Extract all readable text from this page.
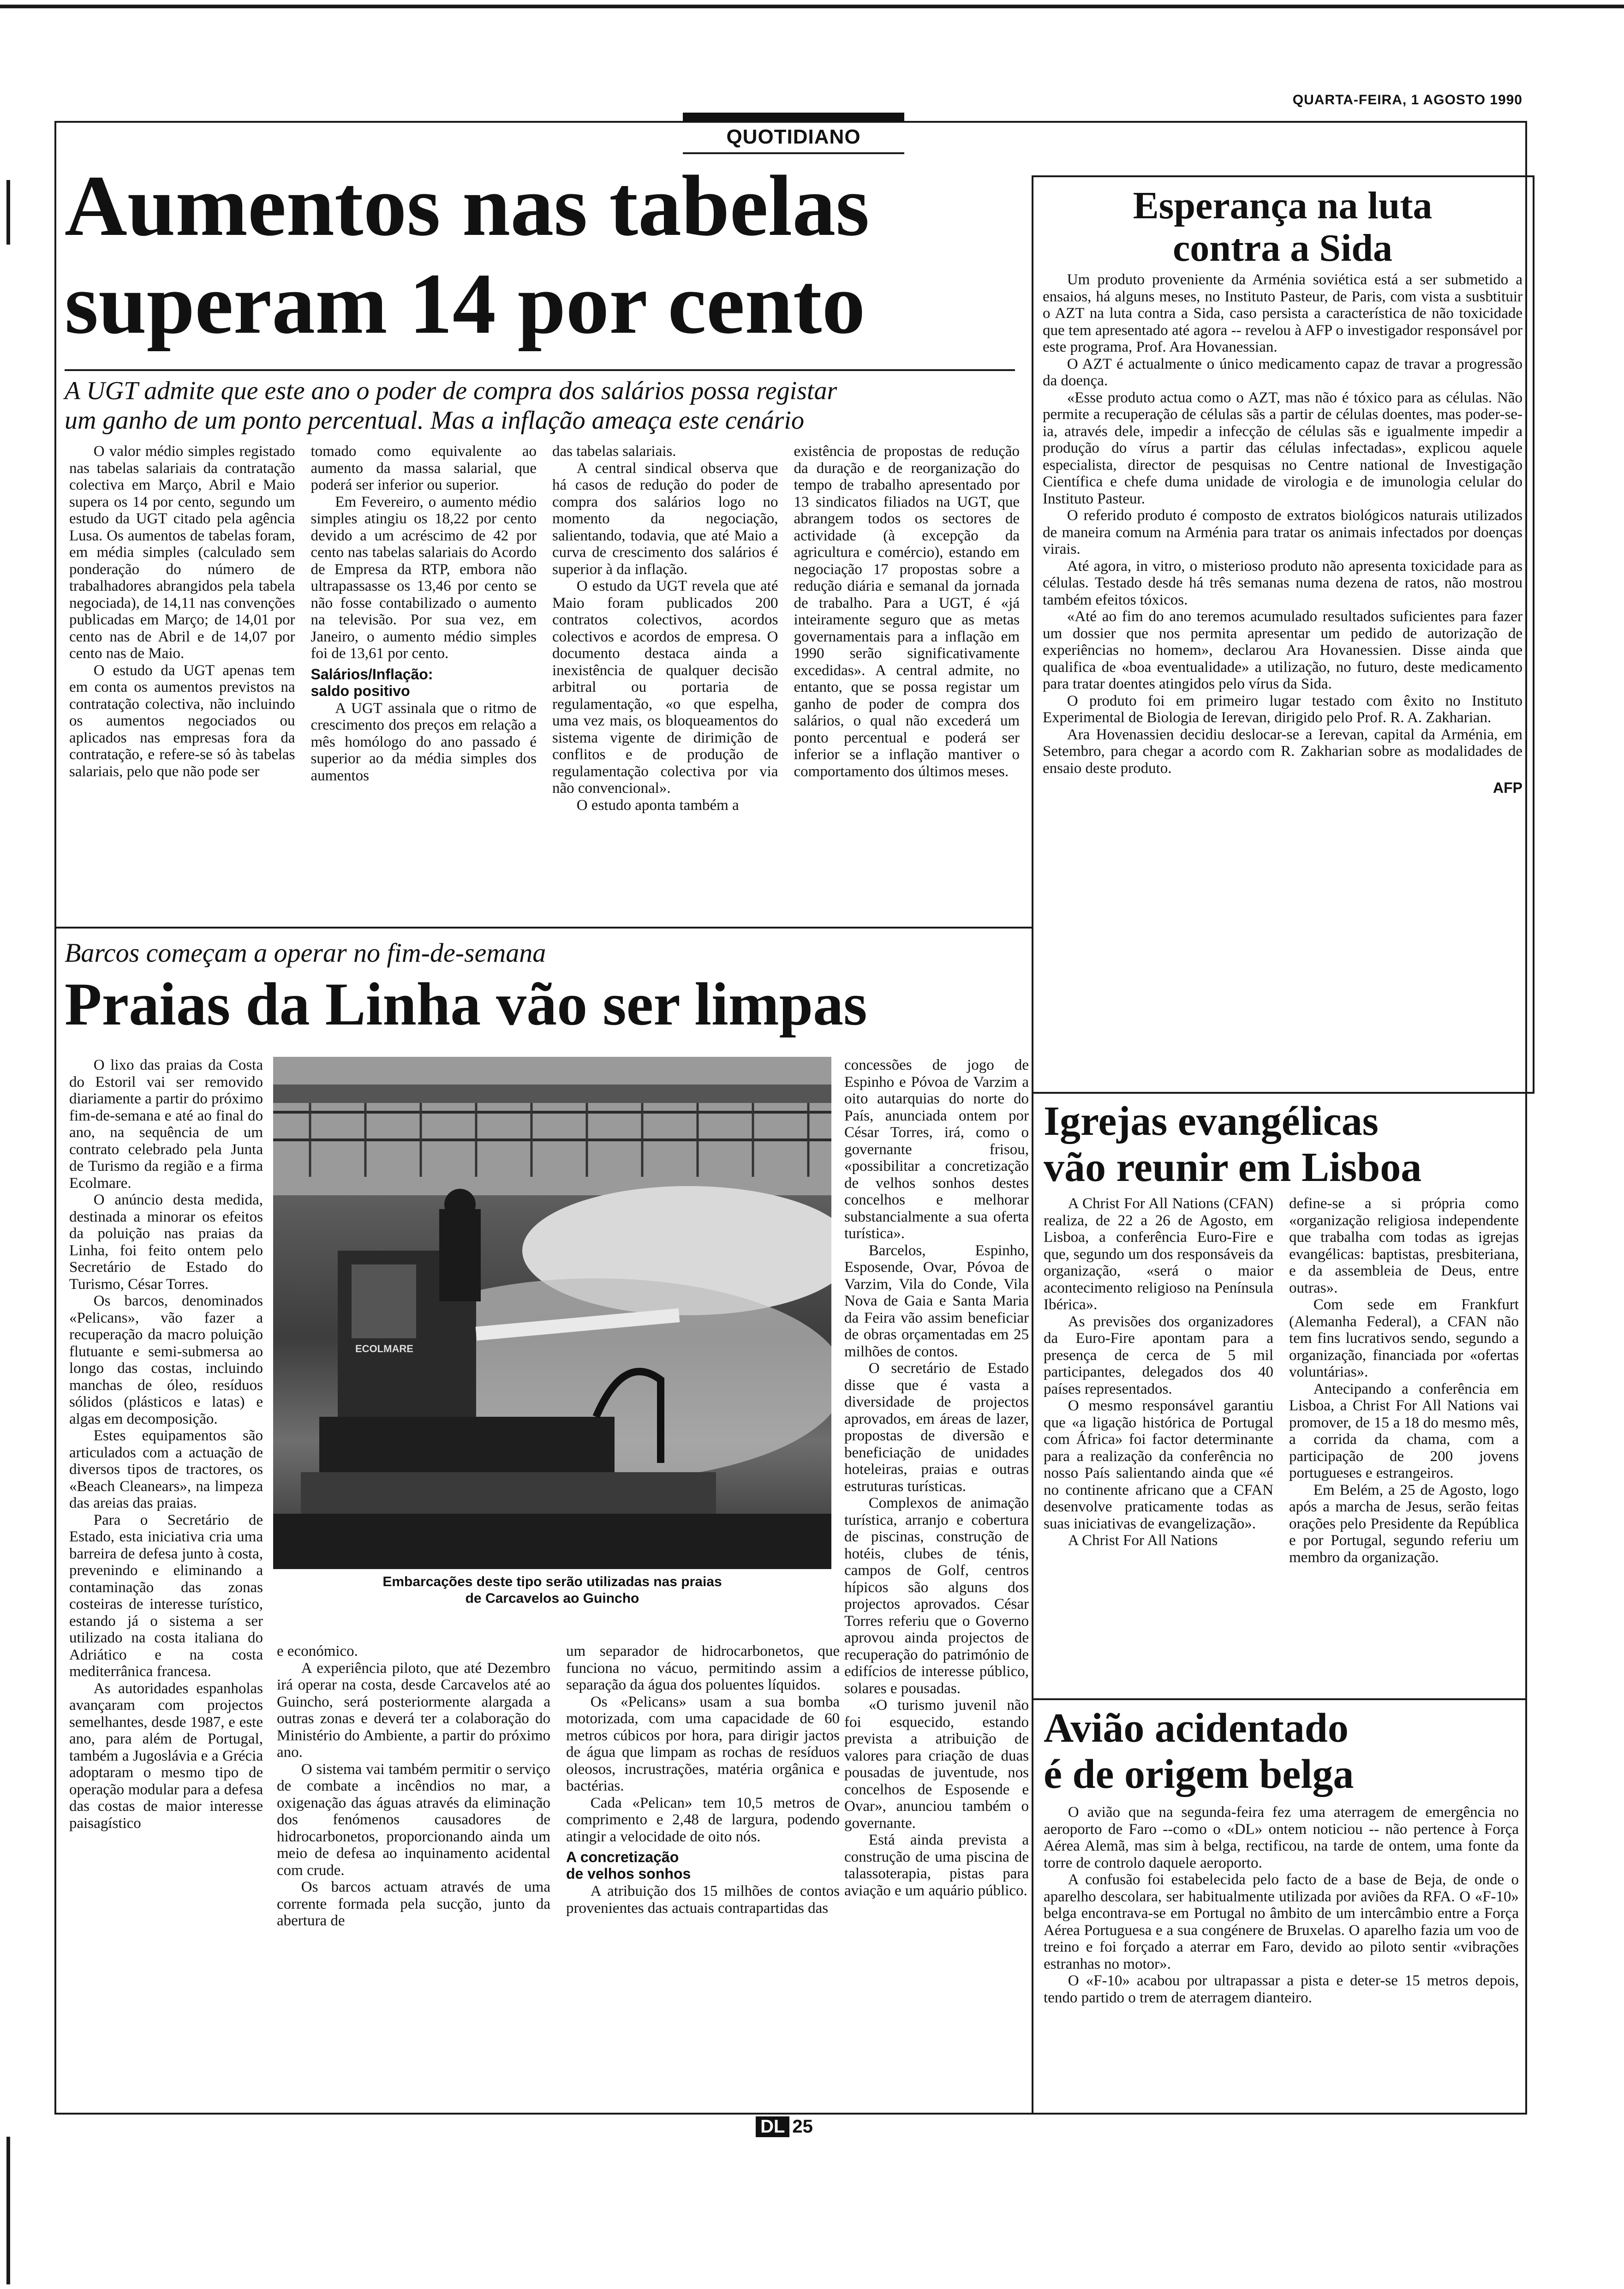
QUARTA-FEIRA, 1 AGOSTO 1990
QUOTIDIANO
Aumentos nas tabelas
superam 14 por cento
A UGT admite que este ano o poder de compra dos salários possa registar
um ganho de um ponto percentual. Mas a inflação ameaça este cenário

O valor médio simples registado nas tabelas salariais da contratação colectiva em Março, Abril e Maio supera os 14 por cento, segundo um estudo da UGT citado pela agência Lusa. Os aumentos de tabelas foram, em média simples (calculado sem ponderação do número de trabalhadores abrangidos pela tabela negociada), de 14,11 nas convenções publicadas em Março; de 14,01 por cento nas de Abril e de 14,07 por cento nas de Maio.

O estudo da UGT apenas tem em conta os aumentos previstos na contratação colectiva, não incluindo os aumentos negociados ou aplicados nas empresas fora da contratação, e refere-se só às tabelas salariais, pelo que não pode ser

tomado como equivalente ao aumento da massa salarial, que poderá ser inferior ou superior.

Em Fevereiro, o aumento médio simples atingiu os 18,22 por cento devido a um acréscimo de 42 por cento nas tabelas salariais do Acordo de Empresa da RTP, embora não ultrapassasse os 13,46 por cento se não fosse contabilizado o aumento na televisão. Por sua vez, em Janeiro, o aumento médio simples foi de 13,61 por cento.

Salários/Inflação:
saldo positivo

A UGT assinala que o ritmo de crescimento dos preços em relação a mês homólogo do ano passado é superior ao da média simples dos aumentos

das tabelas salariais.

A central sindical observa que há casos de redução do poder de compra dos salários logo no momento da negociação, salientando, todavia, que até Maio a curva de crescimento dos salários é superior à da inflação.

O estudo da UGT revela que até Maio foram publicados 200 contratos colectivos, acordos colectivos e acordos de empresa. O documento destaca ainda a inexistência de qualquer decisão arbitral ou portaria de regulamentação, «o que espelha, uma vez mais, os bloqueamentos do sistema vigente de dirimição de conflitos e de produção de regulamentação colectiva por via não convencional».

O estudo aponta também a

existência de propostas de redução da duração e de reorganização do tempo de trabalho apresentado por 13 sindicatos filiados na UGT, que abrangem todos os sectores de actividade (à excepção da agricultura e comércio), estando em negociação 17 propostas sobre a redução diária e semanal da jornada de trabalho. Para a UGT, é «já inteiramente seguro que as metas governamentais para a inflação em 1990 serão significativamente excedidas». A central admite, no entanto, que se possa registar um ganho de poder de compra dos salários, o qual não excederá um ponto percentual e poderá ser inferior se a inflação mantiver o comportamento dos últimos meses.

Esperança na luta
contra a Sida

Um produto proveniente da Arménia soviética está a ser submetido a ensaios, há alguns meses, no Instituto Pasteur, de Paris, com vista a susbtituir o AZT na luta contra a Sida, caso persista a característica de não toxicidade que tem apresentado até agora -- revelou à AFP o investigador responsável por este programa, Prof. Ara Hovanessian.

O AZT é actualmente o único medicamento capaz de travar a progressão da doença.

«Esse produto actua como o AZT, mas não é tóxico para as células. Não permite a recuperação de células sãs a partir de células doentes, mas poder-se-ia, através dele, impedir a infecção de células sãs e igualmente impedir a produção do vírus a partir das células infectadas», explicou aquele especialista, director de pesquisas no Centre national de Investigação Científica e chefe duma unidade de virologia e de imunologia celular do Instituto Pasteur.

O referido produto é composto de extratos biológicos naturais utilizados de maneira comum na Arménia para tratar os animais infectados por doenças virais.

Até agora, in vitro, o misterioso produto não apresenta toxicidade para as células. Testado desde há três semanas numa dezena de ratos, não mostrou também efeitos tóxicos.

«Até ao fim do ano teremos acumulado resultados suficientes para fazer um dossier que nos permita apresentar um pedido de autorização de experiências no homem», declarou Ara Hovanessien. Disse ainda que qualifica de «boa eventualidade» a utilização, no futuro, deste medicamento para tratar doentes atingidos pelo vírus da Sida.

O produto foi em primeiro lugar testado com êxito no Instituto Experimental de Biologia de Ierevan, dirigido pelo Prof. R. A. Zakharian.

Ara Hovenassien decidiu deslocar-se a Ierevan, capital da Arménia, em Setembro, para chegar a acordo com R. Zakharian sobre as modalidades de ensaio deste produto.

AFP
Barcos começam a operar no fim-de-semana
Praias da Linha vão ser limpas

O lixo das praias da Costa do Estoril vai ser removido diariamente a partir do próximo fim-de-semana e até ao final do ano, na sequência de um contrato celebrado pela Junta de Turismo da região e a firma Ecolmare.

O anúncio desta medida, destinada a minorar os efeitos da poluição nas praias da Linha, foi feito ontem pelo Secretário de Estado do Turismo, César Torres.

Os barcos, denominados «Pelicans», vão fazer a recuperação da macro poluição flutuante e semi-submersa ao longo das costas, incluindo manchas de óleo, resíduos sólidos (plásticos e latas) e algas em decomposição.

Estes equipamentos são articulados com a actuação de diversos tipos de tractores, os «Beach Cleanears», na limpeza das areias das praias.

Para o Secretário de Estado, esta iniciativa cria uma barreira de defesa junto à costa, prevenindo e eliminando a contaminação das zonas costeiras de interesse turístico, estando já o sistema a ser utilizado na costa italiana do Adriático e na costa mediterrânica francesa.

As autoridades espanholas avançaram com projectos semelhantes, desde 1987, e este ano, para além de Portugal, também a Jugoslávia e a Grécia adoptaram o mesmo tipo de operação modular para a defesa das costas de maior interesse paisagístico

ECOLMARE
Embarcações deste tipo serão utilizadas nas praias
de Carcavelos ao Guincho

e económico.

A experiência piloto, que até Dezembro irá operar na costa, desde Carcavelos até ao Guincho, será posteriormente alargada a outras zonas e deverá ter a colaboração do Ministério do Ambiente, a partir do próximo ano.

O sistema vai também permitir o serviço de combate a incêndios no mar, a oxigenação das águas através da eliminação dos fenómenos causadores de hidrocarbonetos, proporcionando ainda um meio de defesa ao inquinamento acidental com crude.

Os barcos actuam através de uma corrente formada pela sucção, junto da abertura de

um separador de hidrocarbonetos, que funciona no vácuo, permitindo assim a separação da água dos poluentes líquidos.

Os «Pelicans» usam a sua bomba motorizada, com uma capacidade de 60 metros cúbicos por hora, para dirigir jactos de água que limpam as rochas de resíduos oleosos, incrustrações, matéria orgânica e bactérias.

Cada «Pelican» tem 10,5 metros de comprimento e 2,48 de largura, podendo atingir a velocidade de oito nós.

A concretização
de velhos sonhos

A atribuição dos 15 milhões de contos provenientes das actuais contrapartidas das

concessões de jogo de Espinho e Póvoa de Varzim a oito autarquias do norte do País, anunciada ontem por César Torres, irá, como o governante frisou, «possibilitar a concretização de velhos sonhos destes concelhos e melhorar substancialmente a sua oferta turística».

Barcelos, Espinho, Esposende, Ovar, Póvoa de Varzim, Vila do Conde, Vila Nova de Gaia e Santa Maria da Feira vão assim beneficiar de obras orçamentadas em 25 milhões de contos.

O secretário de Estado disse que é vasta a diversidade de projectos aprovados, em áreas de lazer, propostas de diversão e beneficiação de unidades hoteleiras, praias e outras estruturas turísticas.

Complexos de animação turística, arranjo e cobertura de piscinas, construção de hotéis, clubes de ténis, campos de Golf, centros hípicos são alguns dos projectos aprovados. César Torres referiu que o Governo aprovou ainda projectos de recuperação do património de edifícios de interesse público, solares e pousadas.

«O turismo juvenil não foi esquecido, estando prevista a atribuição de valores para criação de duas pousadas de juventude, nos concelhos de Esposende e Ovar», anunciou também o governante.

Está ainda prevista a construção de uma piscina de talassoterapia, pistas para aviação e um aquário público.

Igrejas evangélicas
vão reunir em Lisboa

A Christ For All Nations (CFAN) realiza, de 22 a 26 de Agosto, em Lisboa, a conferência Euro-Fire e que, segundo um dos responsáveis da organização, «será o maior acontecimento religioso na Península Ibérica».

As previsões dos organizadores da Euro-Fire apontam para a presença de cerca de 5 mil participantes, delegados dos 40 países representados.

O mesmo responsável garantiu que «a ligação histórica de Portugal com África» foi factor determinante para a realização da conferência no nosso País salientando ainda que «é no continente africano que a CFAN desenvolve praticamente todas as suas iniciativas de evangelização».

A Christ For All Nations

define-se a si própria como «organização religiosa independente que trabalha com todas as igrejas evangélicas: baptistas, presbiteriana, e da assembleia de Deus, entre outras».

Com sede em Frankfurt (Alemanha Federal), a CFAN não tem fins lucrativos sendo, segundo a organização, financiada por «ofertas voluntárias».

Antecipando a conferência em Lisboa, a Christ For All Nations vai promover, de 15 a 18 do mesmo mês, a corrida da chama, com a participação de 200 jovens portugueses e estrangeiros.

Em Belém, a 25 de Agosto, logo após a marcha de Jesus, serão feitas orações pelo Presidente da República e por Portugal, segundo referiu um membro da organização.

Avião acidentado
é de origem belga

O avião que na segunda-feira fez uma aterragem de emergência no aeroporto de Faro --como o «DL» ontem noticiou -- não pertence à Força Aérea Alemã, mas sim à belga, rectificou, na tarde de ontem, uma fonte da torre de controlo daquele aeroporto.

A confusão foi estabelecida pelo facto de a base de Beja, de onde o aparelho descolara, ser habitualmente utilizada por aviões da RFA. O «F-10» belga encontrava-se em Portugal no âmbito de um intercâmbio entre a Força Aérea Portuguesa e a sua congénere de Bruxelas. O aparelho fazia um voo de treino e foi forçado a aterrar em Faro, devido ao piloto sentir «vibrações estranhas no motor».

O «F-10» acabou por ultrapassar a pista e deter-se 15 metros depois, tendo partido o trem de aterragem dianteiro.

DL 25
